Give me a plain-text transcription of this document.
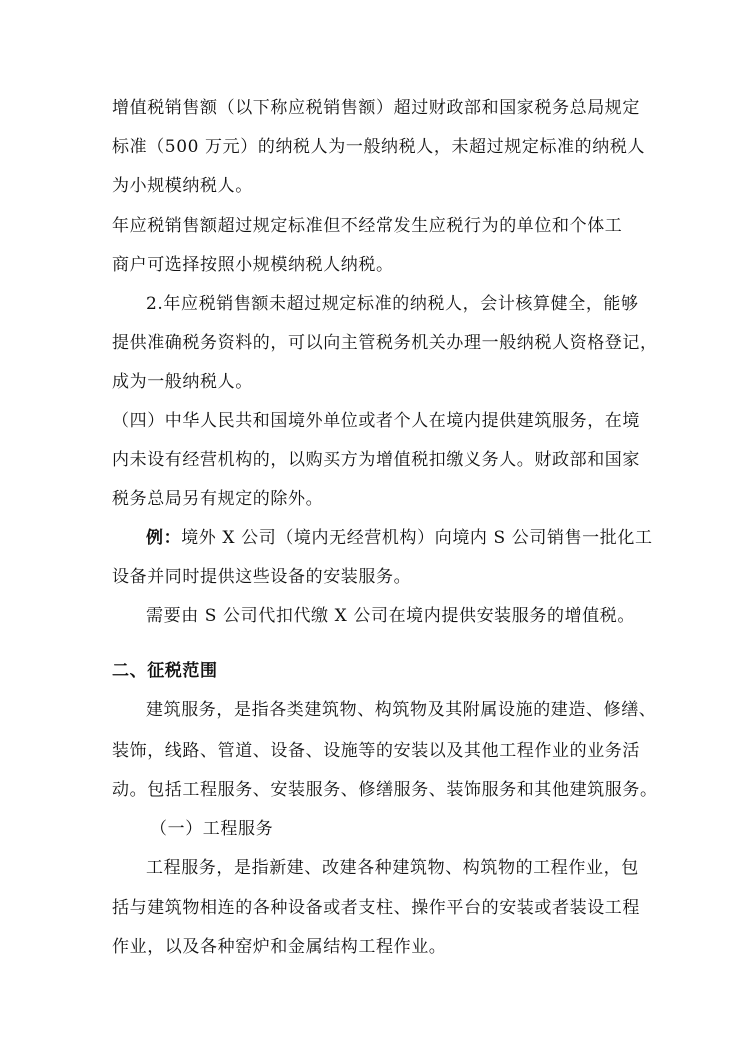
增值税销售额（以下称应税销售额）超过财政部和国家税务总局规定
标准（500 万元）的纳税人为一般纳税人，未超过规定标准的纳税人
为小规模纳税人。
年应税销售额超过规定标准但不经常发生应税行为的单位和个体工
商户可选择按照小规模纳税人纳税。
2.年应税销售额未超过规定标准的纳税人，会计核算健全，能够
提供准确税务资料的，可以向主管税务机关办理一般纳税人资格登记，
成为一般纳税人。
（四）中华人民共和国境外单位或者个人在境内提供建筑服务，在境
内未设有经营机构的，以购买方为增值税扣缴义务人。财政部和国家
税务总局另有规定的除外。
例：境外 X 公司（境内无经营机构）向境内 S 公司销售一批化工
设备并同时提供这些设备的安装服务。
需要由 S 公司代扣代缴 X 公司在境内提供安装服务的增值税。
二、征税范围
建筑服务，是指各类建筑物、构筑物及其附属设施的建造、修缮、
装饰，线路、管道、设备、设施等的安装以及其他工程作业的业务活
动。包括工程服务、安装服务、修缮服务、装饰服务和其他建筑服务。
（一）工程服务
工程服务，是指新建、改建各种建筑物、构筑物的工程作业，包
括与建筑物相连的各种设备或者支柱、操作平台的安装或者装设工程
作业，以及各种窑炉和金属结构工程作业。
